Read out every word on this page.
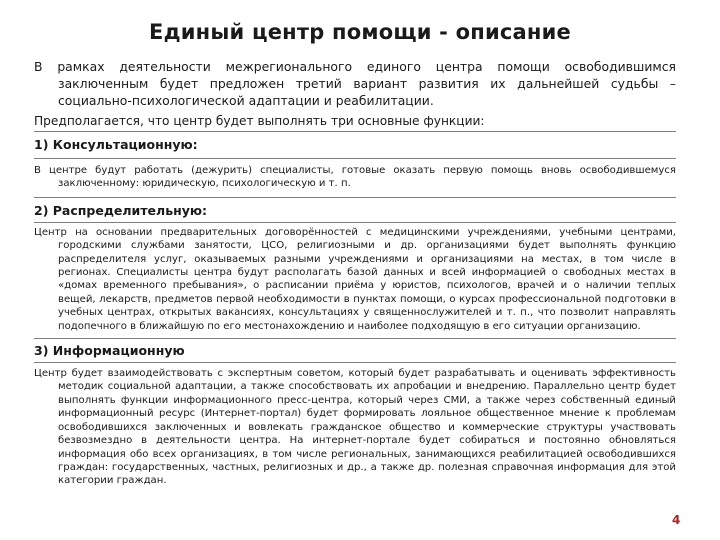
Единый центр помощи - описание

В рамках деятельности межрегионального единого центра помощи освободившимся заключенным будет предложен третий вариант развития их дальнейшей судьбы – социально-психологической адаптации и реабилитации.

Предполагается, что центр будет выполнять три основные функции:

1) Консультационную:

В центре будут работать (дежурить) специалисты, готовые оказать первую помощь вновь освободившемуся заключенному: юридическую, психологическую и т. п.

2) Распределительную:

Центр на основании предварительных договорённостей с медицинскими учреждениями, учебными центрами, городскими службами занятости, ЦСО, религиозными и др. организациями будет выполнять функцию распределителя услуг, оказываемых разными учреждениями и организациями на местах, в том числе в регионах. Специалисты центра будут располагать базой данных и всей информацией о свободных местах в «домах временного пребывания», о расписании приёма у юристов, психологов, врачей и о наличии теплых вещей, лекарств, предметов первой необходимости в пунктах помощи, о курсах профессиональной подготовки в учебных центрах, открытых вакансиях, консультациях у священнослужителей и т. п., что позволит направлять подопечного в ближайшую по его местонахождению и наиболее подходящую в его ситуации организацию.

3) Информационную

Центр будет взаимодействовать с экспертным советом, который будет разрабатывать и оценивать эффективность методик социальной адаптации, а также способствовать их апробации и внедрению. Параллельно центр будет выполнять функции информационного пресс-центра, который через СМИ, а также через собственный единый информационный ресурс (Интернет-портал) будет формировать лояльное общественное мнение к проблемам освободившихся заключенных и вовлекать гражданское общество и коммерческие структуры участвовать безвозмездно в деятельности центра. На интернет-портале будет собираться и постоянно обновляться информация обо всех организациях, в том числе региональных, занимающихся реабилитацией освободившихся граждан: государственных, частных, религиозных и др., а также др. полезная справочная информация для этой категории граждан.

4
